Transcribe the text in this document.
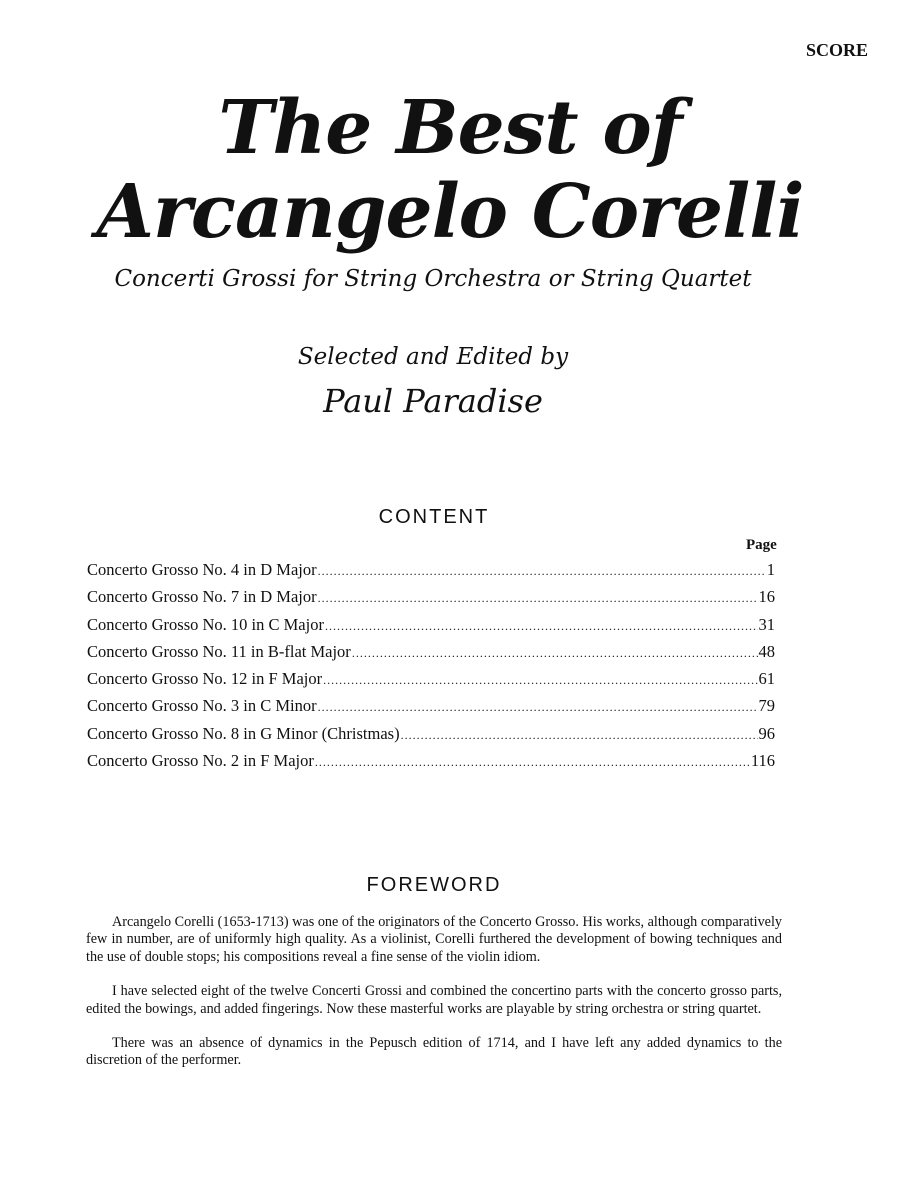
SCORE
The Best of
Arcangelo Corelli
Concerti Grossi for String Orchestra or String Quartet
Selected and Edited by
Paul Paradise
CONTENT
Page
Concerto Grosso No. 4 in D Major .....	1
Concerto Grosso No. 7 in D Major .....	16
Concerto Grosso No. 10 in C Major .....	31
Concerto Grosso No. 11 in B-flat Major .....	48
Concerto Grosso No. 12 in F Major .....	61
Concerto Grosso No. 3 in C Minor .....	79
Concerto Grosso No. 8 in G Minor (Christmas) .....	96
Concerto Grosso No. 2 in F Major .....	116
FOREWORD

Arcangelo Corelli (1653-1713) was one of the originators of the Concerto Grosso. His works, although comparatively few in number, are of uniformly high quality. As a violinist, Corelli furthered the development of bowing techniques and the use of double stops; his compositions reveal a fine sense of the violin idiom.

I have selected eight of the twelve Concerti Grossi and combined the concertino parts with the concerto grosso parts, edited the bowings, and added fingerings. Now these masterful works are playable by string orchestra or string quartet.

There was an absence of dynamics in the Pepusch edition of 1714, and I have left any added dynamics to the discretion of the performer.
